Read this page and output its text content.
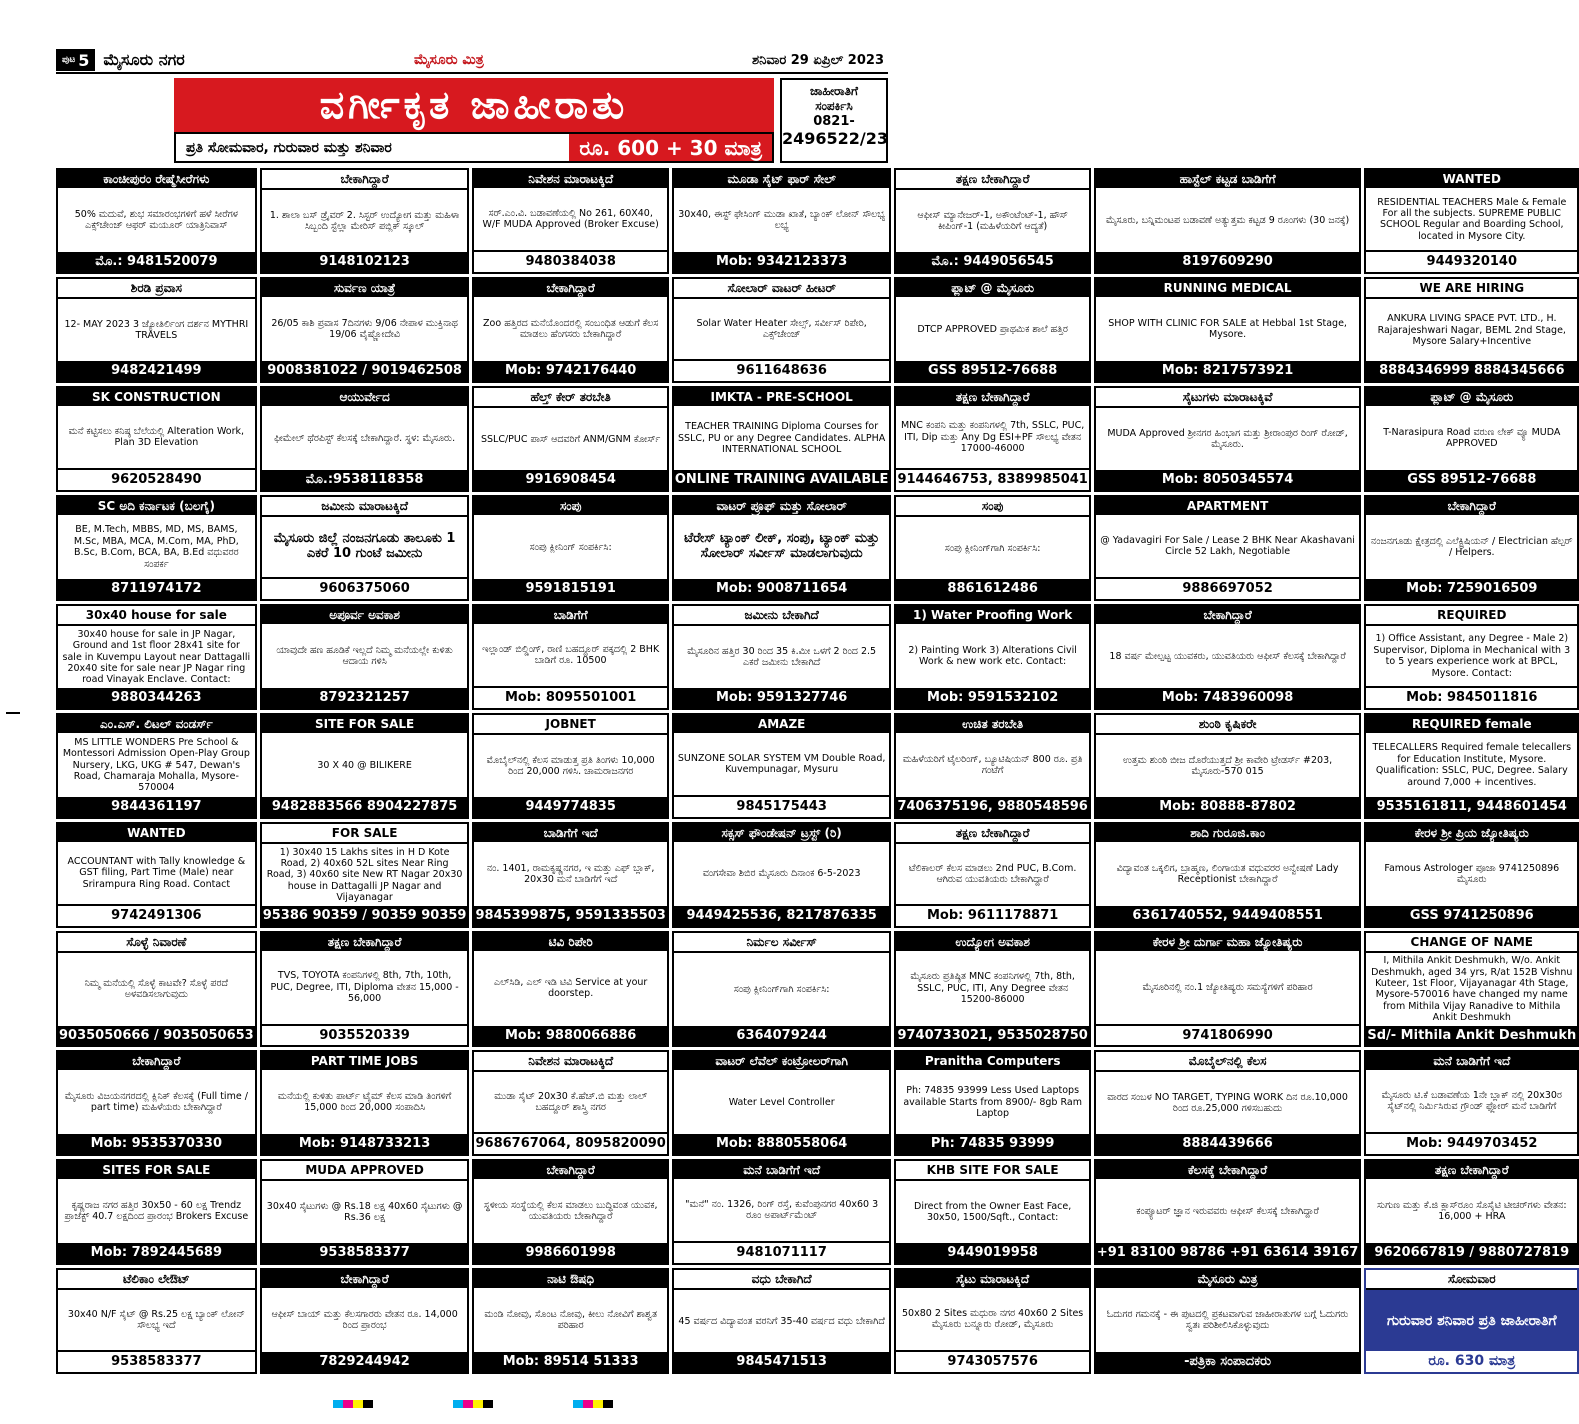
ಪುಟ 5 ಮೈಸೂರು ನಗರ	ಮೈಸೂರು ಮಿತ್ರ	ಶನಿವಾರ 29 ಏಪ್ರಿಲ್ 2023
ವರ್ಗೀಕೃತ ಜಾಹೀರಾತು
ಪ್ರತಿ ಸೋಮವಾರ, ಗುರುವಾರ ಮತ್ತು ಶನಿವಾರ	ರೂ. 600 + 30 ಮಾತ್ರ
ಜಾಹೀರಾತಿಗೆ
ಸಂಪರ್ಕಿಸಿ
0821-
2496522/23
ಕಾಂಚೀಪುರಂ ರೇಷ್ಮೆಸೀರೆಗಳು
50% ಮದುವೆ, ಶುಭ ಸಮಾರಂಭಗಳಿಗೆ ಹಳೆ ಸೀರೆಗಳ ಎಕ್ಸ್‌ಚೇಂಜ್ ಆಫರ್ ಮಯೂರ್ ಯಾತ್ರಿನಿವಾಸ್
ಮೊ.: 9481520079
ಬೇಕಾಗಿದ್ದಾರೆ
1. ಶಾಲಾ ಬಸ್ ಡ್ರೈವರ್ 2. ಸಿಸ್ಟರ್ ಉದ್ಯೋಗ ಮತ್ತು ಮಹಿಳಾ ಸಿಬ್ಬಂದಿ ಸ್ಟೆಲ್ಲಾ ಮೇರಿಸ್ ಪಬ್ಲಿಕ್ ಸ್ಕೂಲ್
9148102123
ನಿವೇಶನ ಮಾರಾಟಕ್ಕಿದೆ
ಸರ್.ಎಂ.ವಿ. ಬಡಾವಣೆಯಲ್ಲಿ No 261, 60X40, W/F MUDA Approved (Broker Excuse)
9480384038
ಮೂಡಾ ಸೈಟ್ ಫಾರ್ ಸೇಲ್
30x40, ಈಸ್ಟ್ ಫೇಸಿಂಗ್ ಮುಡಾ ಖಾತೆ, ಬ್ಯಾಂಕ್ ಲೋನ್ ಸೌಲಭ್ಯ ಲಭ್ಯ
Mob: 9342123373
ತಕ್ಷಣ ಬೇಕಾಗಿದ್ದಾರೆ
ಆಫೀಸ್ ಮ್ಯಾನೇಜರ್-1, ಅಕೌಂಟೆಂಟ್-1, ಹೌಸ್ ಕೀಪಿಂಗ್-1 (ಮಹಿಳೆಯರಿಗೆ ಆದ್ಯತೆ)
ಮೊ.: 9449056545
ಹಾಸ್ಟೆಲ್ ಕಟ್ಟಡ ಬಾಡಿಗೆಗೆ
ಮೈಸೂರು, ಬನ್ನಿಮಂಟಪ ಬಡಾವಣೆ ಅತ್ಯುತ್ತಮ ಕಟ್ಟಡ 9 ರೂಂಗಳು (30 ಜನಕ್ಕೆ)
8197609290
WANTED
RESIDENTIAL TEACHERS Male & Female For all the subjects. SUPREME PUBLIC SCHOOL Regular and Boarding School, located in Mysore City.
9449320140
ಶಿರಡಿ ಪ್ರವಾಸ
12- MAY 2023 3 ಜ್ಯೋತಿರ್ಲಿಂಗ ದರ್ಶನ MYTHRI TRAVELS
9482421499
ಸುರ್ವಣ ಯಾತ್ರೆ
26/05 ಕಾಶಿ ಪ್ರವಾಸ 7ದಿನಗಳು 9/06 ನೇಪಾಳ ಮುಕ್ತಿನಾಥ 19/06 ವೈಷ್ಣೋದೇವಿ
9008381022 / 9019462508
ಬೇಕಾಗಿದ್ದಾರೆ
Zoo ಹತ್ತಿರದ ಮನೆಯೊಂದರಲ್ಲಿ ಸಂಬಂಧಿತ ಆಡುಗೆ ಕೆಲಸ ಮಾಡಲು ಹೆಂಗಸರು ಬೇಕಾಗಿದ್ದಾರೆ
Mob: 9742176440
ಸೋಲಾರ್ ವಾಟರ್ ಹೀಟರ್
Solar Water Heater ಸೇಲ್ಸ್, ಸರ್ವೀಸ್ ರಿಪೇರಿ, ಎಕ್ಸ್‌ಚೇಂಜ್
9611648636
ಫ್ಲಾಟ್ @ ಮೈಸೂರು
DTCP APPROVED ಪ್ರಾಥಮಿಕ ಶಾಲೆ ಹತ್ತಿರ
GSS 89512-76688
RUNNING MEDICAL
SHOP WITH CLINIC FOR SALE at Hebbal 1st Stage, Mysore.
Mob: 8217573921
WE ARE HIRING
ANKURA LIVING SPACE PVT. LTD., H. Rajarajeshwari Nagar, BEML 2nd Stage, Mysore Salary+Incentive
8884346999 8884345666
SK CONSTRUCTION
ಮನೆ ಕಟ್ಟಿಸಲು ಕನಿಷ್ಠ ಬೆಲೆಯಲ್ಲಿ Alteration Work, Plan 3D Elevation
9620528490
ಆಯುರ್ವೇದ
ಫೀಮೇಲ್ ಥೆರಪಿಸ್ಟ್ ಕೆಲಸಕ್ಕೆ ಬೇಕಾಗಿದ್ದಾರೆ. ಸ್ಥಳ: ಮೈಸೂರು.
ಮೊ.:9538118358
ಹೆಲ್ತ್ ಕೇರ್ ತರಬೇತಿ
SSLC/PUC ಪಾಸ್ ಆದವರಿಗೆ ANM/GNM ಕೋರ್ಸ್
9916908454
IMKTA - PRE-SCHOOL
TEACHER TRAINING Diploma Courses for SSLC, PU or any Degree Candidates. ALPHA INTERNATIONAL SCHOOL
ONLINE TRAINING AVAILABLE
ತಕ್ಷಣ ಬೇಕಾಗಿದ್ದಾರೆ
MNC ಕಂಪನಿ ಮತ್ತು ಕಂಪನಿಗಳಲ್ಲಿ 7th, SSLC, PUC, ITI, Dip ಮತ್ತು Any Dg ESI+PF ಸೌಲಭ್ಯ ವೇತನ 17000-46000
9144646753, 8389985041
ಸೈಟುಗಳು ಮಾರಾಟಕ್ಕಿವೆ
MUDA Approved ಶ್ರೀನಗರ ಹಿಂಭಾಗ ಮತ್ತು ಶ್ರೀರಾಂಪುರ ರಿಂಗ್ ರೋಡ್, ಮೈಸೂರು.
Mob: 8050345574
ಫ್ಲಾಟ್ @ ಮೈಸೂರು
T-Narasipura Road ವರುಣ ಲೇಕ್ ವ್ಯೂ MUDA APPROVED
GSS 89512-76688
SC ಅದಿ ಕರ್ನಾಟಕ (ಬಲಗೈ)
BE, M.Tech, MBBS, MD, MS, BAMS, M.Sc, MBA, MCA, M.Com, MA, PhD, B.Sc, B.Com, BCA, BA, B.Ed ವಧುವರರ ಸಂಪರ್ಕ
8711974172
ಜಮೀನು ಮಾರಾಟಕ್ಕಿದೆ
ಮೈಸೂರು ಜಿಲ್ಲೆ ನಂಜನಗೂಡು ತಾಲೂಕು 1 ಎಕರೆ 10 ಗುಂಟೆ ಜಮೀನು
9606375060
ಸಂಪು
ಸಂಪು ಕ್ಲೀನಿಂಗ್ ಸಂಪರ್ಕಿಸಿ:
9591815191
ವಾಟರ್ ಪ್ರೂಫ್ ಮತ್ತು ಸೋಲಾರ್
ಟೆರೇಸ್ ಟ್ಯಾಂಕ್ ಲೀಕ್, ಸಂಪು, ಟ್ಯಾಂಕ್ ಮತ್ತು ಸೋಲಾರ್ ಸರ್ವೀಸ್ ಮಾಡಲಾಗುವುದು
Mob: 9008711654
ಸಂಪು
ಸಂಪು ಕ್ಲೀನಿಂಗ್‌ಗಾಗಿ ಸಂಪರ್ಕಿಸಿ:
8861612486
APARTMENT
@ Yadavagiri For Sale / Lease 2 BHK Near Akashavani Circle 52 Lakh, Negotiable
9886697052
ಬೇಕಾಗಿದ್ದಾರೆ
ನಂಜನಗೂಡು ಕ್ಷೇತ್ರದಲ್ಲಿ ಎಲೆಕ್ಟ್ರಿಷಿಯನ್ / Electrician ಹೆಲ್ಪರ್ / Helpers.
Mob: 7259016509
30x40 house for sale
30x40 house for sale in JP Nagar, Ground and 1st floor 28x41 site for sale in Kuvempu Layout near Dattagalli 20x40 site for sale near JP Nagar ring road Vinayak Enclave. Contact:
9880344263
ಅಪೂರ್ವ ಅವಕಾಶ
ಯಾವುದೇ ಹಣ ಹೂಡಿಕೆ ಇಲ್ಲದೆ ನಿಮ್ಮ ಮನೆಯಲ್ಲೇ ಕುಳಿತು ಆದಾಯ ಗಳಿಸಿ
8792321257
ಬಾಡಿಗೆಗೆ
ಇಲ್ಲಾಂಡ್ ಬಿಲ್ಡಿಂಗ್, ರಾಣಿ ಬಹದ್ದೂರ್ ಪಕ್ಕದಲ್ಲಿ 2 BHK ಬಾಡಿಗೆ ರೂ. 10500
Mob: 8095501001
ಜಮೀನು ಬೇಕಾಗಿದೆ
ಮೈಸೂರಿನ ಹತ್ತಿರ 30 ರಿಂದ 35 ಕಿ.ಮೀ ಒಳಗೆ 2 ರಿಂದ 2.5 ಎಕರೆ ಜಮೀನು ಬೇಕಾಗಿದೆ
Mob: 9591327746
1) Water Proofing Work
2) Painting Work 3) Alterations Civil Work & new work etc. Contact:
Mob: 9591532102
ಬೇಕಾಗಿದ್ದಾರೆ
18 ವರ್ಷ ಮೇಲ್ಪಟ್ಟ ಯುವಕರು, ಯುವತಿಯರು ಆಫೀಸ್ ಕೆಲಸಕ್ಕೆ ಬೇಕಾಗಿದ್ದಾರೆ
Mob: 7483960098
REQUIRED
1) Office Assistant, any Degree - Male 2) Supervisor, Diploma in Mechanical with 3 to 5 years experience work at BPCL, Mysore. Contact:
Mob: 9845011816
ಎಂ.ಎಸ್. ಲಿಟಲ್ ವಂಡರ್ಸ್
MS LITTLE WONDERS Pre School & Montessori Admission Open-Play Group Nursery, LKG, UKG # 547, Dewan's Road, Chamaraja Mohalla, Mysore-570004
9844361197
SITE FOR SALE
30 X 40 @ BILIKERE
9482883566 8904227875
JOBNET
ಮೊಬೈಲ್‌ನಲ್ಲಿ ಕೆಲಸ ಮಾಡುತ್ತ ಪ್ರತಿ ತಿಂಗಳು 10,000 ರಿಂದ 20,000 ಗಳಿಸಿ. ಚಾಮರಾಜನಗರ
9449774835
AMAZE
SUNZONE SOLAR SYSTEM VM Double Road, Kuvempunagar, Mysuru
9845175443
ಉಚಿತ ತರಬೇತಿ
ಮಹಿಳೆಯರಿಗೆ ಟೈಲರಿಂಗ್, ಬ್ಯೂಟಿಷಿಯನ್ 800 ರೂ. ಪ್ರತಿ ಗಂಟೆಗೆ
7406375196, 9880548596
ಶುಂಠಿ ಕೃಷಿಕರೇ
ಉತ್ತಮ ಶುಂಠಿ ಬೀಜ ದೊರೆಯುತ್ತದೆ ಶ್ರೀ ಕಾವೇರಿ ಟ್ರೇಡರ್ಸ್ #203, ಮೈಸೂರು-570 015
Mob: 80888-87802
REQUIRED female
TELECALLERS Required female telecallers for Education Institute, Mysore. Qualification: SSLC, PUC, Degree. Salary around 7,000 + incentives.
9535161811, 9448601454
WANTED
ACCOUNTANT with Tally knowledge & GST filing, Part Time (Male) near Srirampura Ring Road. Contact
9742491306
FOR SALE
1) 30x40 15 Lakhs sites in H D Kote Road, 2) 40x60 52L sites Near Ring Road, 3) 40x60 site New RT Nagar 20x30 house in Dattagalli JP Nagar and Vijayanagar
95386 90359 / 90359 90359
ಬಾಡಿಗೆಗೆ ಇದೆ
ನಂ. 1401, ರಾಮಕೃಷ್ಣನಗರ, ಇ ಮತ್ತು ಎಫ್ ಬ್ಲಾಕ್, 20x30 ಮನೆ ಬಾಡಿಗೆಗೆ ಇದೆ
9845399875, 9591335503
ಸಕ್ಸಸ್ ಫೌಂಡೇಷನ್ ಟ್ರಸ್ಟ್ (ರಿ)
ವಂಗಸೇವಾ ಶಿಬಿರ ಮೈಸೂರು ದಿನಾಂಕ 6-5-2023
9449425536, 8217876335
ತಕ್ಷಣ ಬೇಕಾಗಿದ್ದಾರೆ
ಟೆಲಿಕಾಲರ್ ಕೆಲಸ ಮಾಡಲು 2nd PUC, B.Com. ಆಗಿರುವ ಯುವತಿಯರು ಬೇಕಾಗಿದ್ದಾರೆ
Mob: 9611178871
ಶಾದಿ ಗುರೂಜಿ.ಕಾಂ
ವಿದ್ಯಾವಂತ ಒಕ್ಕಲಿಗ, ಬ್ರಾಹ್ಮಣ, ಲಿಂಗಾಯತ ವಧುವರರ ಅನ್ವೇಷಣೆ Lady Receptionist ಬೇಕಾಗಿದ್ದಾರೆ
6361740552, 9449408551
ಕೇರಳ ಶ್ರೀ ಪ್ರಿಯ ಜ್ಯೋತಿಷ್ಯರು
Famous Astrologer ಪೂಜಾ 9741250896 ಮೈಸೂರು
GSS 9741250896
ಸೊಳ್ಳೆ ನಿವಾರಣೆ
ನಿಮ್ಮ ಮನೆಯಲ್ಲಿ ಸೊಳ್ಳೆ ಕಾಟವೇ? ಸೊಳ್ಳೆ ಪರದೆ ಅಳವಡಿಸಲಾಗುವುದು
9035050666 / 9035050653
ತಕ್ಷಣ ಬೇಕಾಗಿದ್ದಾರೆ
TVS, TOYOTA ಕಂಪನಿಗಳಲ್ಲಿ 8th, 7th, 10th, PUC, Degree, ITI, Diploma ವೇತನ 15,000 - 56,000
9035520339
ಟಿವಿ ರಿಪೇರಿ
ಎಲ್‌ಸಿಡಿ, ಎಲ್ ಇಡಿ ಟಿವಿ Service at your doorstep.
Mob: 9880066886
ನಿರ್ಮಲ ಸರ್ವೀಸ್
ಸಂಪು ಕ್ಲೀನಿಂಗ್‌ಗಾಗಿ ಸಂಪರ್ಕಿಸಿ:
6364079244
ಉದ್ಯೋಗ ಅವಕಾಶ
ಮೈಸೂರು ಪ್ರತಿಷ್ಠಿತ MNC ಕಂಪನಿಗಳಲ್ಲಿ 7th, 8th, SSLC, PUC, ITI, Any Degree ವೇತನ 15200-86000
9740733021, 9535028750
ಕೇರಳ ಶ್ರೀ ದುರ್ಗಾ ಮಹಾ ಜ್ಯೋತಿಷ್ಯರು
ಮೈಸೂರಿನಲ್ಲಿ ನಂ.1 ಜ್ಯೋತಿಷ್ಯರು ಸಮಸ್ಯೆಗಳಿಗೆ ಪರಿಹಾರ
9741806990
CHANGE OF NAME
I, Mithila Ankit Deshmukh, W/o. Ankit Deshmukh, aged 34 yrs, R/at 152B Vishnu Kuteer, 1st Floor, Vijayanagar 4th Stage, Mysore-570016 have changed my name from Mithila Vijay Ranadive to Mithila Ankit Deshmukh
Sd/- Mithila Ankit Deshmukh
ಬೇಕಾಗಿದ್ದಾರೆ
ಮೈಸೂರು ವಿಜಯನಗರದಲ್ಲಿ ಕ್ಲಿನಿಕ್ ಕೆಲಸಕ್ಕೆ (Full time / part time) ಮಹಿಳೆಯರು ಬೇಕಾಗಿದ್ದಾರೆ
Mob: 9535370330
PART TIME JOBS
ಮನೆಯಲ್ಲಿ ಕುಳಿತು ಪಾರ್ಟ್ ಟೈಮ್ ಕೆಲಸ ಮಾಡಿ ತಿಂಗಳಿಗೆ 15,000 ರಿಂದ 20,000 ಸಂಪಾದಿಸಿ
Mob: 9148733213
ನಿವೇಶನ ಮಾರಾಟಕ್ಕಿದೆ
ಮುಡಾ ಸೈಟ್ 20x30 ಕೆ.ಹೆಚ್.ಬಿ ಮತ್ತು ಲಾಲ್ ಬಹದ್ದೂರ್ ಶಾಸ್ತ್ರಿ ನಗರ
9686767064, 8095820090
ವಾಟರ್ ಲೆವೆಲ್ ಕಂಟ್ರೋಲರ್‌ಗಾಗಿ
Water Level Controller
Mob: 8880558064
Pranitha Computers
Ph: 74835 93999 Less Used Laptops available Starts from 8900/- 8gb Ram Laptop
Ph: 74835 93999
ಮೊಬೈಲ್‌ನಲ್ಲಿ ಕೆಲಸ
ವಾರದ ಸಂಬಳ NO TARGET, TYPING WORK ದಿನ ರೂ.10,000 ರಿಂದ ರೂ.25,000 ಗಳಿಸಬಹುದು
8884439666
ಮನೆ ಬಾಡಿಗೆಗೆ ಇದೆ
ಮೈಸೂರು ಟಿ.ಕೆ ಬಡಾವಣೆಯ 1ನೇ ಬ್ಲಾಕ್ ನಲ್ಲಿ 20x30ರ ಸೈಟ್‌ನಲ್ಲಿ ನಿರ್ಮಿಸಿರುವ ಗ್ರೌಂಡ್ ಫ್ಲೋರ್ ಮನೆ ಬಾಡಿಗೆಗೆ
Mob: 9449703452
SITES FOR SALE
ಕೃಷ್ಣರಾಜ ನಗರ ಹತ್ತಿರ 30x50 - 60 ಲಕ್ಷ Trendz ಪ್ರಾಜೆಕ್ಟ್ 40.7 ಲಕ್ಷದಿಂದ ಪ್ರಾರಂಭ Brokers Excuse
Mob: 7892445689
MUDA APPROVED
30x40 ಸೈಟುಗಳು @ Rs.18 ಲಕ್ಷ 40x60 ಸೈಟುಗಳು @ Rs.36 ಲಕ್ಷ
9538583377
ಬೇಕಾಗಿದ್ದಾರೆ
ಸ್ಥಳೀಯ ಸಂಸ್ಥೆಯಲ್ಲಿ ಕೆಲಸ ಮಾಡಲು ಬುದ್ಧಿವಂತ ಯುವಕ, ಯುವತಿಯರು ಬೇಕಾಗಿದ್ದಾರೆ
9986601998
ಮನೆ ಬಾಡಿಗೆಗೆ ಇದೆ
"ಮನೆ" ನಂ. 1326, ರಿಂಗ್ ರಸ್ತೆ, ಕುವೆಂಪುನಗರ 40x60 3 ರೂಂ ಅಪಾರ್ಟ್‌ಮೆಂಟ್
9481071117
KHB SITE FOR SALE
Direct from the Owner East Face, 30x50, 1500/Sqft., Contact:
9449019958
ಕೆಲಸಕ್ಕೆ ಬೇಕಾಗಿದ್ದಾರೆ
ಕಂಪ್ಯೂಟರ್ ಜ್ಞಾನ ಇರುವವರು ಆಫೀಸ್ ಕೆಲಸಕ್ಕೆ ಬೇಕಾಗಿದ್ದಾರೆ
+91 83100 98786 +91 63614 39167
ತಕ್ಷಣ ಬೇಕಾಗಿದ್ದಾರೆ
ಸುಗುಣ ಮತ್ತು ಕೆ.ಜಿ ಕ್ಲಾಸ್‌ರೂಂ ಸೊಸೈಟಿ ಟೀಚರ್‌ಗಳು ವೇತನ: 16,000 + HRA
9620667819 / 9880727819
ಟೆಲಿಕಾಂ ಲೇಔಟ್
30x40 N/F ಸೈಟ್ @ Rs.25 ಲಕ್ಷ ಬ್ಯಾಂಕ್ ಲೋನ್ ಸೌಲಭ್ಯ ಇದೆ
9538583377
ಬೇಕಾಗಿದ್ದಾರೆ
ಆಫೀಸ್ ಬಾಯ್ ಮತ್ತು ಕೆಲಸಗಾರರು ವೇತನ ರೂ. 14,000 ರಿಂದ ಪ್ರಾರಂಭ
7829244942
ನಾಟಿ ಔಷಧಿ
ಮಂಡಿ ನೋವು, ಸೊಂಟ ನೋವು, ಕೀಲು ನೋವಿಗೆ ಶಾಶ್ವತ ಪರಿಹಾರ
Mob: 89514 51333
ವಧು ಬೇಕಾಗಿದೆ
45 ವರ್ಷದ ವಿದ್ಯಾವಂತ ವರನಿಗೆ 35-40 ವರ್ಷದ ವಧು ಬೇಕಾಗಿದೆ
9845471513
ಸೈಟು ಮಾರಾಟಕ್ಕಿದೆ
50x80 2 Sites ಮಧುರಾ ನಗರ 40x60 2 Sites ಮೈಸೂರು ಬನ್ನೂರು ರೋಡ್, ಮೈಸೂರು
9743057576
ಮೈಸೂರು ಮಿತ್ರ
ಓದುಗರ ಗಮನಕ್ಕೆ - ಈ ಪುಟದಲ್ಲಿ ಪ್ರಕಟವಾಗುವ ಜಾಹೀರಾತುಗಳ ಬಗ್ಗೆ ಓದುಗರು ಸ್ವತಃ ಪರಿಶೀಲಿಸಿಕೊಳ್ಳುವುದು
-ಪತ್ರಿಕಾ ಸಂಪಾದಕರು
ಸೋಮವಾರ
ಗುರುವಾರ ಶನಿವಾರ ಪ್ರತಿ ಜಾಹೀರಾತಿಗೆ
ರೂ. 630 ಮಾತ್ರ
